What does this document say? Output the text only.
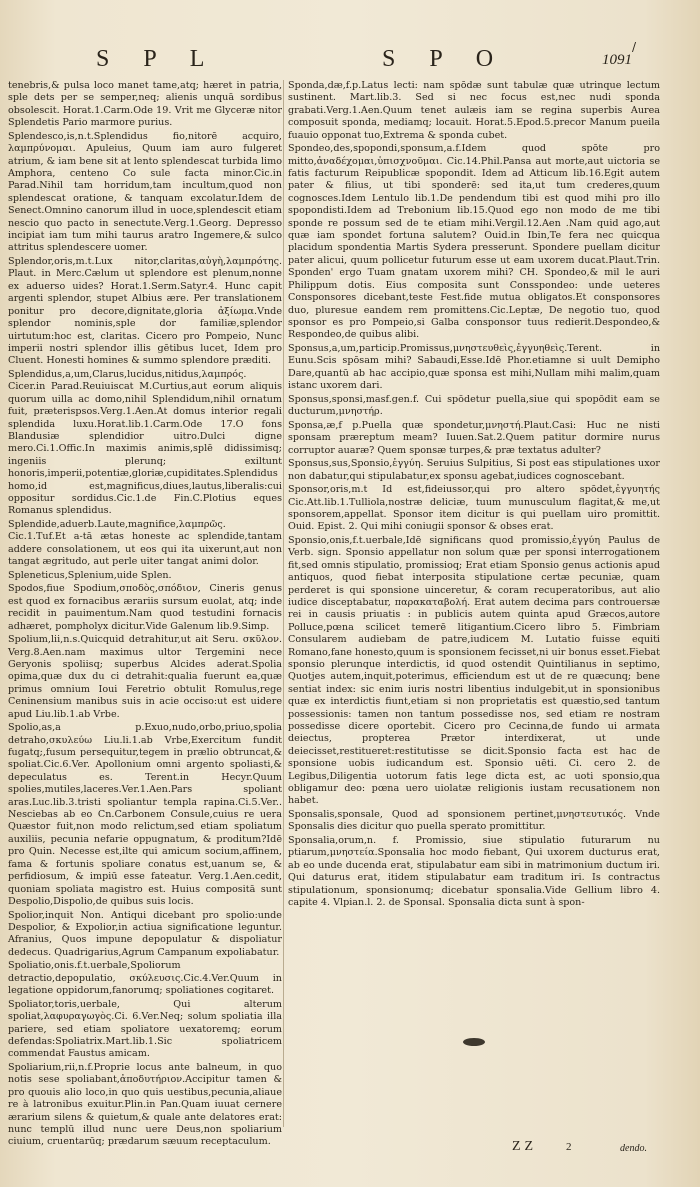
S P L	S P O	1091
/

tenebris,& pulsa loco manet tame,atq; hæret in patria, sple dets per se semper,neq; alienis unquā sordibus obsolescit. Horat.1.Carm.Ode 19. Vrit me Glyceræ nitor Splendetis Pario marmore purius.

Splendesco,is,n.t.Splendidus fio,nitorē acquiro, λαμπρύνομαι. Apuleius, Quum iam auro fulgeret atrium, & iam bene sit at lento splendescat turbida limo Amphora, centeno Co sule facta minor.Cic.in Parad.Nihil tam horridum,tam incultum,quod non splendescat oratione, & tanquam excolatur.Idem de Senect.Omnino canorum illud in uoce,splendescit etiam nescio quo pacto in senectute.Verg.1.Georg. Depresso incipiat iam tum mihi taurus aratro Ingemere,& sulco attritus splendescere uomer.

Splendor,oris,m.t.Lux nitor,claritas,αὐγὴ,λαμπρότης. Plaut. in Merc.Cælum ut splendore est plenum,nonne ex aduerso uides? Horat.1.Serm.Satyr.4. Hunc capit argenti splendor, stupet Albius ære. Per translationem ponitur pro decore,dignitate,gloria ἀξίωμα.Vnde splendor nominis,sple dor familiæ,splendor uirtutum:hoc est, claritas. Cicero pro Pompeio, Nunc imperii nostri splendor illis gētibus lucet, Idem pro Cluent. Honesti homines & summo splendore præditi.

Splendidus,a,um,Clarus,lucidus,nitidus,λαμπρός. Cicer.in Parad.Reuiuiscat M.Curtius,aut eorum aliquis quorum uilla ac domo,nihil Splendidum,nihil ornatum fuit, præterispsos.Verg.1.Aen.At domus interior regali splendida luxu.Horat.lib.1.Carm.Ode 17.O fons Blandusiæ splendidior uitro.Dulci digne mero.Ci.1.Offic.In maximis animis,splē didissimisq; ingeniis plerunq; exiltunt honoris,imperii,potentiæ,gloriæ,cupiditates.Splendidus homo,id est,magnificus,diues,lautus,liberalis:cui oppositur sordidus.Cic.1.de Fin.C.Plotius eques Romanus splendidus.

Splendide,aduerb.Laute,magnifice,λαμπρῶς. Cic.1.Tuf.Et a-tā ætas honeste ac splendide,tantam addere consolationem, ut eos qui ita uixerunt,aut non tangat ægritudo, aut perle uiter tangat animi dolor.

Spleneticus,Splenium,uide Splen.

Spodos,fiue Spodium,σποδὸς,σπόδιον, Cineris genus est quod ex fornacibus ærariis sursum euolat, atq; inde recidit in pauimentum.Nam quod testudini fornacis adhæret, pompholyx dicitur.Vide Galenum lib.9.Simp.

Spolium,lii,n.s.Quicquid detrahitur,ut ait Seru. σκῦλον. Verg.8.Aen.nam maximus ultor Tergemini nece Geryonis spoliisq; superbus Alcides aderat.Spolia opima,quæ dux du ci detrahit:qualia fuerunt ea,quæ primus omnium Ioui Feretrio obtulit Romulus,rege Ceninensium manibus suis in acie occiso:ut est uidere apud Liu.lib.1.ab Vrbe.

Spolio,as,a p.Exuo,nudo,orbo,priuo,spolia detraho,σκυλεύω Liu.li.1.ab Vrbe,Exercitum fundit fugatq;,fusum persequitur,tegem in prælio obtruncat,& spoliat.Cic.6.Ver. Apollonium omni argento spoliasti,& depeculatus es. Terent.in Hecyr.Quum spolies,mutiles,laceres.Ver.1.Aen.Pars spoliant aras.Luc.lib.3.tristi spoliantur templa rapina.Ci.5.Ver.. Nesciebas ab eo Cn.Carbonem Consule,cuius re uera Quæstor fuit,non modo relictum,sed etiam spoliatum auxiliis, pecunia nefarie oppugnatum, & proditum?Idē pro Quin. Necesse est,ilte qui amicum socium,affinem, fama & fortunis spoliare conatus est,uanum se, & perfidiosum, & impiū esse fateatur. Verg.1.Aen.cedit, quoniam spoliata magistro est. Huius compositā sunt Despolio,Dispolio,de quibus suis locis.

Spolior,inquit Non. Antiqui dicebant pro spolio:unde Despolior, & Expolior,in actiua significatione leguntur. Afranius, Quos impune depopulatur & dispoliatur dedecus. Quadrigarius,Agrum Campanum expoliabatur.

Spoliatio,onis.f.t.uerbale,Spoliorum detractio,depopulatio, σκύλευσις.Cic.4.Ver.Quum in legatione oppidorum,fanorumq; spoliationes cogitaret.

Spoliator,toris,uerbale, Qui alterum spoliat,λαφυραγωγὸς.Ci. 6.Ver.Neq; solum spoliatia illa pariere, sed etiam spoliatore uexatoremq; eorum defendas:Spoliatrix.Mart.lib.1.Sic spoliatricem commendat Faustus amicam.

Spoliarium,rii,n.f.Proprie locus ante balneum, in quo notis sese spoliabant,ἀποδυτήριον.Accipitur tamen & pro quouis alio loco,in quo quis uestibus,pecunia,aliaue re à latronibus exuitur.Plin.in Pan.Quam iuuat cernere ærarium silens & quietum,& quale ante delatores erat: nunc templū illud nunc uere Deus,non spoliarium ciuium, cruentarūq; prædarum sæuum receptaculum.

Sponda,dæ,f.p.Latus lecti: nam spōdæ sunt tabulæ quæ utrinque lectum sustinent. Mart.lib.3. Sed si nec focus est,nec nudi sponda grabati.Verg.1.Aen.Quum tenet aulæis iam se regina superbis Aurea composuit sponda, mediamq; locauit. Horat.5.Epod.5.precor Manum pueila fuauio opponat tuo,Extrema & sponda cubet.

Spondeo,des,spopondi,sponsum,a.f.Idem quod spōte pro mitto,ἀναδέχομαι,ὑπισχνοῦμαι. Cic.14.Phil.Pansa aut morte,aut uictoria se fatis facturum Reipublicæ spopondit. Idem ad Atticum lib.16.Egit autem pater & filius, ut tibi sponderē: sed ita,ut tum crederes,quum cognosces.Idem Lentulo lib.1.De pendendum tibi est quod mihi pro illo spopondisti.Idem ad Trebonium lib.15.Quod ego non modo de me tibi sponde re possum sed de te etiam mihi.Vergil.12.Aen .Nam quid ago,aut quæ iam spondet fortuna salutem? Ouid.in Ibin,Te fera nec quicqua placidum spondentia Martis Sydera presserunt. Spondere puellam dicitur pater alicui, quum pollicetur futurum esse ut eam uxorem ducat.Plaut.Trin. Sponden' ergo Tuam gnatam uxorem mihi? CH. Spondeo,& mil le auri Philippum dotis. Eius composita sunt Consspondeo: unde ueteres Consponsores dicebant,teste Fest.fide mutua obligatos.Et consponsores duo, pluresue eandem rem promittens.Cic.Leptæ, De negotio tuo, quod sponsor es pro Pompeio,si Galba consponsor tuus redierit.Despondeo,& Respondeo,de quibus alibi.

Sponsus,a,um,particip.Promissus,μνηστευθεὶς,ἐγγυηθεὶς.Terent. in Eunu.Scis spōsam mihi? Sabaudi,Esse.Idē Phor.etiamne si uult Demipho Dare,quantū ab hac accipio,quæ sponsa est mihi,Nullam mihi malim,quam istanc uxorem dari.

Sponsus,sponsi,masf.gen.f. Cui spōdetur puella,siue qui spopōdit eam se ducturum,μνηστήρ.

Sponsa,æ,f p.Puella quæ spondetur,μνηστή.Plaut.Casi: Huc ne nisti sponsam præreptum meam? Iuuen.Sat.2.Quem patitur dormire nurus corruptor auaræ? Quem sponsæ turpes,& præ textatus adulter?

Sponsus,sus,Sponsio,ἐγγύη. Seruius Sulpitius, Si post eas stipulationes uxor non dabatur,qui stipulabatur,ex sponsu agebat,iudices cognoscebant.

Sponsor,oris,m.t Id est,fideiussor,qui pro altero spōdet,ἐγγυητής Cic.Att.lib.1.Tulliola,nostræ deliciæ, tuum munusculum flagitat,& me,ut sponsorem,appellat. Sponsor item dicitur is qui puellam uiro promittit. Ouid. Epist. 2. Qui mihi coniugii sponsor & obses erat.

Sponsio,onis,f.t.uerbale,Idē significans quod promissio,ἐγγύη Paulus de Verb. sign. Sponsio appellatur non solum quæ per sponsi interrogationem fit,sed omnis stipulatio, promissioq; Erat etiam Sponsio genus actionis apud antiquos, quod fiebat interposita stipulatione certæ pecuniæ, quam perderet is qui sponsione uinceretur, & coram recuperatoribus, aut alio iudice disceptabatur, παρακαταβολή. Erat autem decima pars controuersæ rei in causis priuatis : in publicis autem quinta apud Græcos,autore Polluce,pœna scilicet temerē litigantium.Cicero libro 5. Fimbriam Consularem audiebam de patre,iudicem M. Lutatio fuisse equiti Romano,fane honesto,quum is sponsionem fecisset,ni uir bonus esset.Fiebat sponsio plerunque interdictis, id quod ostendit Quintilianus in septimo, Quotjes autem,inquit,poterimus, efficiendum est ut de re quæcunq; bene sentiat index: sic enim iuris nostri libentius indulgebit,ut in sponsionibus quæ ex interdictis fiunt,etiam si non proprietatis est quæstio,sed tantum possessionis: tamen non tantum possedisse nos, sed etiam re nostram possedisse dicere oportebit. Cicero pro Cecinna,de fundo ui armata deiectus, propterea Prætor interdixerat, ut unde deiecisset,restitueret:restitutisse se dicit.Sponsio facta est hac de sponsione uobis iudicandum est. Sponsio uēti. Ci. cero 2. de Legibus,Diligentia uotorum fatis lege dicta est, ac uoti sponsio,qua obligamur deo: pœna uero uiolatæ religionis iustam recusationem non habet.

Sponsalis,sponsale, Quod ad sponsionem pertinet,μνηστευτικός. Vnde Sponsalis dies dicitur quo puella sperato promittitur.

Sponsalia,orum,n. f. Promissio, siue stipulatio futurarum nu ptiarum,μνηστεία.Sponsalia hoc modo fiebant, Qui uxorem ducturus erat, ab eo unde ducenda erat, stipulabatur eam sibi in matrimonium ductum iri. Qui daturus erat, itidem stipulabatur eam traditum iri. Is contractus stipulationum, sponsionumq; dicebatur sponsalia.Vide Gellium libro 4. capite 4. Vlpian.l. 2. de Sponsal. Sponsalia dicta sunt à spon-

ZZ	2	dendo.
